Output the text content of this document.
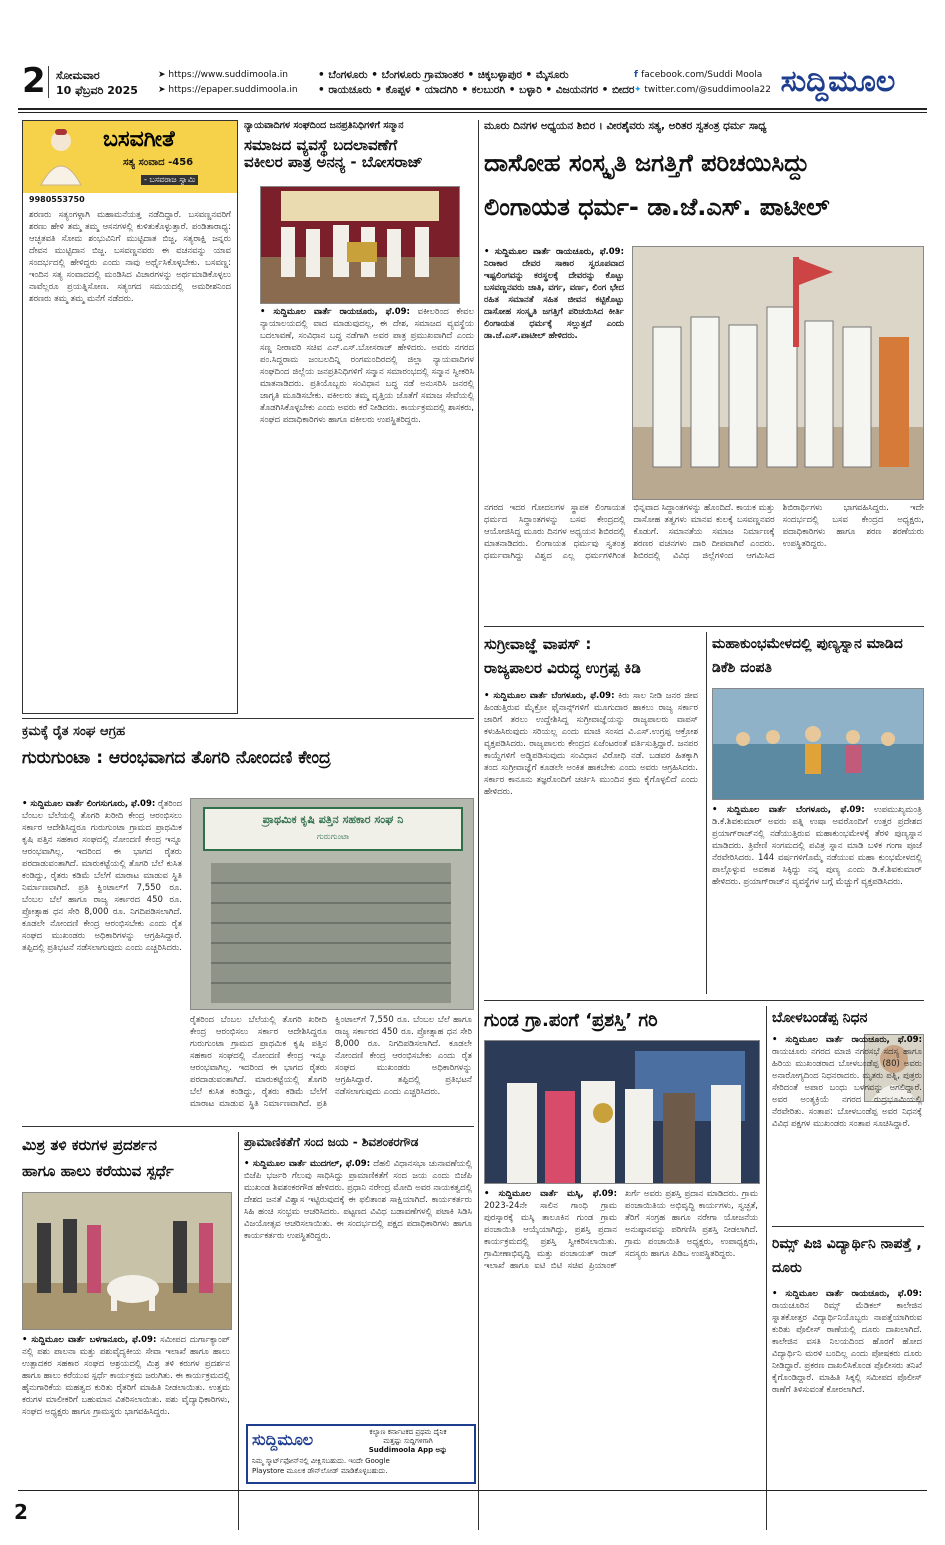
2 ಸೋಮವಾರ
10 ಫೆಬ್ರವರಿ 2025
➤ https://www.suddimoola.in
➤ https://epaper.suddimoola.in
• ಬೆಂಗಳೂರು • ಬೆಂಗಳೂರು ಗ್ರಾಮಾಂತರ • ಚಿಕ್ಕಬಳ್ಳಾಪುರ • ಮೈಸೂರು
• ರಾಯಚೂರು • ಕೊಪ್ಪಳ • ಯಾದಗಿರಿ • ಕಲಬುರಗಿ • ಬಳ್ಳಾರಿ • ವಿಜಯನಗರ • ಬೀದರ
f facebook.com/Suddi Moola
✦ twitter.com/@suddimoola22 ಸುದ್ದಿಮೂಲ
ಬಸವಗೀತೆ
ಸತ್ಯ ಸಂವಾದ -456
- ಬಸವರಾಜ ಸ್ವಾಮಿ
9980553750
ಶರಣರು ಸತ್ಯಂಗಳ್ಗಾಗಿ ಮಹಾಮನೆಯತ್ತ ನಡೆದಿದ್ದಾರೆ. ಬಸವಣ್ಣನವರಿಗೆ ಶರಣು ಹೇಳಿ ತಮ್ಮ ತಮ್ಮ ಆಸನಗಳಲ್ಲಿ ಕುಳಿತುಕೊಳ್ಳುತ್ತಾರೆ. ಪಂಡಿತಾರಾಧ್ಯ: ಆಚ್ಛತವತಿ ಸೋಮ ಶಂಭುವಿನಿಗೆ ಮುಟ್ಟಿದಾತ ಬಿಜ್ಜ, ಸತ್ಯರಾಕ್ಷಿ ಜನ್ನರು ದೇವನ ಮುಟ್ಟಿದಾನ ಬಿಜ್ಜ. ಬಸವಣ್ಣನವರು ಈ ವಚನವನ್ನು ಯಾವ ಸಂದರ್ಭದಲ್ಲಿ ಹೇಳಿದ್ದರು ಎಂದು ನಾವು ಅರ್ಥೈಸಿಕೊಳ್ಳಬೇಕು. ಬಸವಣ್ಣ: ಇಂದಿನ ಸತ್ಯ ಸಂವಾದದಲ್ಲಿ ಮಂಡಿಸಿದ ವಿಚಾರಗಳನ್ನು ಅರ್ಥಮಾಡಿಕೊಳ್ಳಲು ನಾವೆಲ್ಲರೂ ಪ್ರಯತ್ನಿಸೋಣ. ಸತ್ಯಂಗದ ಸಮಯದಲ್ಲಿ ಅಮರೀಶನಿಂದ ಶರಣರು ತಮ್ಮ ತಮ್ಮ ಮನೆಗೆ ನಡೆದರು.
ನ್ಯಾಯವಾದಿಗಳ ಸಂಘದಿಂದ ಜನಪ್ರತಿನಿಧಿಗಳಿಗೆ ಸನ್ಮಾನ
ಸಮಾಜದ ವ್ಯವಸ್ಥೆ ಬದಲಾವಣೆಗೆ
ವಕೀಲರ ಪಾತ್ರ ಅನನ್ಯ - ಬೋಸರಾಜ್
• ಸುದ್ದಿಮೂಲ ವಾರ್ತೆ ರಾಯಚೂರು, ಫೆ.09: ವಕೀಲರಿಂದ ಕೇವಲ ನ್ಯಾಯಾಲಯದಲ್ಲಿ ವಾದ ಮಾಡುವುದಲ್ಲ, ಈ ದೇಶ, ಸಮಾಜದ ವ್ಯವಸ್ಥೆಯ ಬದಲಾವಣೆ, ಸಂವಿಧಾನ ಬದ್ಧ ನಡೆಗಾಗಿ ಅವರ ಪಾತ್ರ ಪ್ರಮುಖವಾಗಿದೆ ಎಂದು ಸಣ್ಣ ನೀರಾವರಿ ಸಚಿವ ಎನ್.ಎಸ್.ಬೋಸರಾಜ್ ಹೇಳಿದರು. ಅವರು ನಗರದ ಪಂ.ಸಿದ್ದರಾಮ ಜಂಬಲದಿನ್ನಿ ರಂಗಮಂದಿರದಲ್ಲಿ ಜಿಲ್ಲಾ ನ್ಯಾಯವಾದಿಗಳ ಸಂಘದಿಂದ ಜಿಲ್ಲೆಯ ಜನಪ್ರತಿನಿಧಿಗಳಿಗೆ ಸನ್ಮಾನ ಸಮಾರಂಭದಲ್ಲಿ ಸನ್ಮಾನ ಸ್ವೀಕರಿಸಿ ಮಾತನಾಡಿದರು. ಪ್ರತಿಯೊಬ್ಬರು ಸಂವಿಧಾನ ಬದ್ಧ ನಡೆ ಅನುಸರಿಸಿ ಜನರಲ್ಲಿ ಜಾಗೃತಿ ಮೂಡಿಸಬೇಕು. ವಕೀಲರು ತಮ್ಮ ವೃತ್ತಿಯ ಜೊತೆಗೆ ಸಮಾಜ ಸೇವೆಯಲ್ಲಿ ತೊಡಗಿಸಿಕೊಳ್ಳಬೇಕು ಎಂದು ಅವರು ಕರೆ ನೀಡಿದರು. ಕಾರ್ಯಕ್ರಮದಲ್ಲಿ ಶಾಸಕರು, ಸಂಘದ ಪದಾಧಿಕಾರಿಗಳು ಹಾಗೂ ವಕೀಲರು ಉಪಸ್ಥಿತರಿದ್ದರು.
ಮೂರು ದಿನಗಳ ಅಧ್ಯಯನ ಶಿಬಿರ । ವೀರಶೈವರು ಸತ್ಯ, ಅರಿತರ ಸ್ವತಂತ್ರ ಧರ್ಮ ಸಾಧ್ಯ
ದಾಸೋಹ ಸಂಸ್ಕೃತಿ ಜಗತ್ತಿಗೆ ಪರಿಚಯಿಸಿದ್ದು
ಲಿಂಗಾಯತ ಧರ್ಮ- ಡಾ.ಜೆ.ಎಸ್. ಪಾಟೀಲ್
• ಸುದ್ದಿಮೂಲ ವಾರ್ತೆ ರಾಯಚೂರು, ಫೆ.09: ನಿರಾಕಾರ ದೇವರ ಸಾಕಾರ ಸ್ವರೂಪವಾದ ಇಷ್ಟಲಿಂಗವನ್ನು ಕರಸ್ಥಲಕ್ಕೆ ದೇವರನ್ನು ಕೊಟ್ಟು ಬಸವಣ್ಣನವರು ಜಾತಿ, ವರ್ಗ, ವರ್ಣ, ಲಿಂಗ ಭೇದ ರಹಿತ ಸಮಾನತೆ ಸಹಿತ ಜೀವನ ಕಟ್ಟಿಕೊಟ್ಟು ದಾಸೋಹ ಸಂಸ್ಕೃತಿ ಜಗತ್ತಿಗೆ ಪರಿಚಯಿಸಿದ ಕೀರ್ತಿ ಲಿಂಗಾಯತ ಧರ್ಮಕ್ಕೆ ಸಲ್ಲುತ್ತದೆ ಎಂದು ಡಾ.ಜೆ.ಎಸ್.ಪಾಟೀಲ್ ಹೇಳಿದರು.
ನಗರದ ಇದರ ಗೋದಲಗಳ ಸ್ಥಾಪಕ ಲಿಂಗಾಯತ ಧರ್ಮದ ಸಿದ್ಧಾಂತಗಳನ್ನು ಬಸವ ಕೇಂದ್ರದಲ್ಲಿ ಆಯೋಜಿಸಿದ್ದ ಮೂರು ದಿನಗಳ ಅಧ್ಯಯನ ಶಿಬಿರದಲ್ಲಿ ಮಾತನಾಡಿದರು. ಲಿಂಗಾಯತ ಧರ್ಮವು ಸ್ವತಂತ್ರ ಧರ್ಮವಾಗಿದ್ದು ವಿಶ್ವದ ಎಲ್ಲ ಧರ್ಮಗಳಿಗಿಂತ ಭಿನ್ನವಾದ ಸಿದ್ಧಾಂತಗಳನ್ನು ಹೊಂದಿದೆ. ಕಾಯಕ ಮತ್ತು ದಾಸೋಹ ತತ್ವಗಳು ಮಾನವ ಕುಲಕ್ಕೆ ಬಸವಣ್ಣನವರ ಕೊಡುಗೆ. ಸಮಾನತೆಯ ಸಮಾಜ ನಿರ್ಮಾಣಕ್ಕೆ ಶರಣರ ವಚನಗಳು ದಾರಿ ದೀಪವಾಗಿವೆ ಎಂದರು. ಶಿಬಿರದಲ್ಲಿ ವಿವಿಧ ಜಿಲ್ಲೆಗಳಿಂದ ಆಗಮಿಸಿದ ಶಿಬಿರಾರ್ಥಿಗಳು ಭಾಗವಹಿಸಿದ್ದರು. ಇದೇ ಸಂದರ್ಭದಲ್ಲಿ ಬಸವ ಕೇಂದ್ರದ ಅಧ್ಯಕ್ಷರು, ಪದಾಧಿಕಾರಿಗಳು ಹಾಗೂ ಶರಣ ಶರಣೆಯರು ಉಪಸ್ಥಿತರಿದ್ದರು.
ಸುಗ್ರೀವಾಜ್ಞೆ ವಾಪಸ್ :
ರಾಜ್ಯಪಾಲರ ವಿರುದ್ಧ ಉಗ್ರಪ್ಪ ಕಿಡಿ
• ಸುದ್ದಿಮೂಲ ವಾರ್ತೆ ಬೆಂಗಳೂರು, ಫೆ.09: ಕಿರು ಸಾಲ ನೀಡಿ ಜನರ ಜೀವ ಹಿಂಡುತ್ತಿರುವ ಮೈಕ್ರೋ ಫೈನಾನ್ಸ್‌ಗಳಿಗೆ ಮೂಗುದಾರ ಹಾಕಲು ರಾಜ್ಯ ಸರ್ಕಾರ ಜಾರಿಗೆ ತರಲು ಉದ್ದೇಶಿಸಿದ್ದ ಸುಗ್ರೀವಾಜ್ಞೆಯನ್ನು ರಾಜ್ಯಪಾಲರು ವಾಪಸ್ ಕಳುಹಿಸಿರುವುದು ಸರಿಯಲ್ಲ ಎಂದು ಮಾಜಿ ಸಂಸದ ವಿ.ಎಸ್.ಉಗ್ರಪ್ಪ ಆಕ್ರೋಶ ವ್ಯಕ್ತಪಡಿಸಿದರು. ರಾಜ್ಯಪಾಲರು ಕೇಂದ್ರದ ಏಜೆಂಟರಂತೆ ವರ್ತಿಸುತ್ತಿದ್ದಾರೆ. ಜನಪರ ಕಾಯ್ದೆಗಳಿಗೆ ಅಡ್ಡಿಪಡಿಸುವುದು ಸಂವಿಧಾನ ವಿರೋಧಿ ನಡೆ. ಬಡವರ ಹಿತಕ್ಕಾಗಿ ತಂದ ಸುಗ್ರೀವಾಜ್ಞೆಗೆ ಕೂಡಲೇ ಅಂಕಿತ ಹಾಕಬೇಕು ಎಂದು ಅವರು ಆಗ್ರಹಿಸಿದರು. ಸರ್ಕಾರ ಕಾನೂನು ತಜ್ಞರೊಂದಿಗೆ ಚರ್ಚಿಸಿ ಮುಂದಿನ ಕ್ರಮ ಕೈಗೊಳ್ಳಲಿದೆ ಎಂದು ಹೇಳಿದರು.
ಮಹಾಕುಂಭಮೇಳದಲ್ಲಿ ಪುಣ್ಯಸ್ನಾನ ಮಾಡಿದ ಡಿಕೆಶಿ ದಂಪತಿ
• ಸುದ್ದಿಮೂಲ ವಾರ್ತೆ ಬೆಂಗಳೂರು, ಫೆ.09: ಉಪಮುಖ್ಯಮಂತ್ರಿ ಡಿ.ಕೆ.ಶಿವಕುಮಾರ್ ಅವರು ಪತ್ನಿ ಉಷಾ ಅವರೊಂದಿಗೆ ಉತ್ತರ ಪ್ರದೇಶದ ಪ್ರಯಾಗ್‌ರಾಜ್‌ನಲ್ಲಿ ನಡೆಯುತ್ತಿರುವ ಮಹಾಕುಂಭಮೇಳಕ್ಕೆ ತೆರಳಿ ಪುಣ್ಯಸ್ನಾನ ಮಾಡಿದರು. ತ್ರಿವೇಣಿ ಸಂಗಮದಲ್ಲಿ ಪವಿತ್ರ ಸ್ನಾನ ಮಾಡಿ ಬಳಿಕ ಗಂಗಾ ಪೂಜೆ ನೆರವೇರಿಸಿದರು. 144 ವರ್ಷಗಳಿಗೊಮ್ಮೆ ನಡೆಯುವ ಮಹಾ ಕುಂಭಮೇಳದಲ್ಲಿ ಪಾಲ್ಗೊಳ್ಳುವ ಅವಕಾಶ ಸಿಕ್ಕಿದ್ದು ನನ್ನ ಪುಣ್ಯ ಎಂದು ಡಿ.ಕೆ.ಶಿವಕುಮಾರ್ ಹೇಳಿದರು. ಪ್ರಯಾಗ್‌ರಾಜ್‌ನ ವ್ಯವಸ್ಥೆಗಳ ಬಗ್ಗೆ ಮೆಚ್ಚುಗೆ ವ್ಯಕ್ತಪಡಿಸಿದರು.
ಕ್ರಮಕ್ಕೆ ರೈತ ಸಂಘ ಆಗ್ರಹ
ಗುರುಗುಂಟಾ : ಆರಂಭವಾಗದ ತೊಗರಿ ನೋಂದಣಿ ಕೇಂದ್ರ
• ಸುದ್ದಿಮೂಲ ವಾರ್ತೆ ಲಿಂಗಸುಗೂರು, ಫೆ.09: ರೈತರಿಂದ ಬೆಂಬಲ ಬೆಲೆಯಲ್ಲಿ ತೊಗರಿ ಖರೀದಿ ಕೇಂದ್ರ ಆರಂಭಿಸಲು ಸರ್ಕಾರ ಆದೇಶಿಸಿದ್ದರೂ ಗುರುಗುಂಟಾ ಗ್ರಾಮದ ಪ್ರಾಥಮಿಕ ಕೃಷಿ ಪತ್ತಿನ ಸಹಕಾರ ಸಂಘದಲ್ಲಿ ನೋಂದಣಿ ಕೇಂದ್ರ ಇನ್ನೂ ಆರಂಭವಾಗಿಲ್ಲ. ಇದರಿಂದ ಈ ಭಾಗದ ರೈತರು ಪರದಾಡುವಂತಾಗಿದೆ. ಮಾರುಕಟ್ಟೆಯಲ್ಲಿ ತೊಗರಿ ಬೆಲೆ ಕುಸಿತ ಕಂಡಿದ್ದು, ರೈತರು ಕಡಿಮೆ ಬೆಲೆಗೆ ಮಾರಾಟ ಮಾಡುವ ಸ್ಥಿತಿ ನಿರ್ಮಾಣವಾಗಿದೆ. ಪ್ರತಿ ಕ್ವಿಂಟಾಲ್‌ಗೆ 7,550 ರೂ. ಬೆಂಬಲ ಬೆಲೆ ಹಾಗೂ ರಾಜ್ಯ ಸರ್ಕಾರದ 450 ರೂ. ಪ್ರೋತ್ಸಾಹ ಧನ ಸೇರಿ 8,000 ರೂ. ನಿಗದಿಪಡಿಸಲಾಗಿದೆ. ಕೂಡಲೇ ನೋಂದಣಿ ಕೇಂದ್ರ ಆರಂಭಿಸಬೇಕು ಎಂದು ರೈತ ಸಂಘದ ಮುಖಂಡರು ಅಧಿಕಾರಿಗಳನ್ನು ಆಗ್ರಹಿಸಿದ್ದಾರೆ. ತಪ್ಪಿದಲ್ಲಿ ಪ್ರತಿಭಟನೆ ನಡೆಸಲಾಗುವುದು ಎಂದು ಎಚ್ಚರಿಸಿದರು.
ಪ್ರಾಥಮಿಕ ಕೃಷಿ ಪತ್ತಿನ ಸಹಕಾರ ಸಂಘ ನಿ
ಗುರುಗುಂಟಾ
ರೈತರಿಂದ ಬೆಂಬಲ ಬೆಲೆಯಲ್ಲಿ ತೊಗರಿ ಖರೀದಿ ಕೇಂದ್ರ ಆರಂಭಿಸಲು ಸರ್ಕಾರ ಆದೇಶಿಸಿದ್ದರೂ ಗುರುಗುಂಟಾ ಗ್ರಾಮದ ಪ್ರಾಥಮಿಕ ಕೃಷಿ ಪತ್ತಿನ ಸಹಕಾರ ಸಂಘದಲ್ಲಿ ನೋಂದಣಿ ಕೇಂದ್ರ ಇನ್ನೂ ಆರಂಭವಾಗಿಲ್ಲ. ಇದರಿಂದ ಈ ಭಾಗದ ರೈತರು ಪರದಾಡುವಂತಾಗಿದೆ. ಮಾರುಕಟ್ಟೆಯಲ್ಲಿ ತೊಗರಿ ಬೆಲೆ ಕುಸಿತ ಕಂಡಿದ್ದು, ರೈತರು ಕಡಿಮೆ ಬೆಲೆಗೆ ಮಾರಾಟ ಮಾಡುವ ಸ್ಥಿತಿ ನಿರ್ಮಾಣವಾಗಿದೆ. ಪ್ರತಿ ಕ್ವಿಂಟಾಲ್‌ಗೆ 7,550 ರೂ. ಬೆಂಬಲ ಬೆಲೆ ಹಾಗೂ ರಾಜ್ಯ ಸರ್ಕಾರದ 450 ರೂ. ಪ್ರೋತ್ಸಾಹ ಧನ ಸೇರಿ 8,000 ರೂ. ನಿಗದಿಪಡಿಸಲಾಗಿದೆ. ಕೂಡಲೇ ನೋಂದಣಿ ಕೇಂದ್ರ ಆರಂಭಿಸಬೇಕು ಎಂದು ರೈತ ಸಂಘದ ಮುಖಂಡರು ಅಧಿಕಾರಿಗಳನ್ನು ಆಗ್ರಹಿಸಿದ್ದಾರೆ. ತಪ್ಪಿದಲ್ಲಿ ಪ್ರತಿಭಟನೆ ನಡೆಸಲಾಗುವುದು ಎಂದು ಎಚ್ಚರಿಸಿದರು.
ಗುಂಡ ಗ್ರಾ.ಪಂಗೆ ‘ಪ್ರಶಸ್ತಿ’ ಗರಿ
• ಸುದ್ದಿಮೂಲ ವಾರ್ತೆ ಮಸ್ಕಿ, ಫೆ.09: 2023-24ನೇ ಸಾಲಿನ ಗಾಂಧಿ ಗ್ರಾಮ ಪುರಸ್ಕಾರಕ್ಕೆ ಮಸ್ಕಿ ತಾಲೂಕಿನ ಗುಂಡ ಗ್ರಾಮ ಪಂಚಾಯಿತಿ ಆಯ್ಕೆಯಾಗಿದ್ದು, ಪ್ರಶಸ್ತಿ ಪ್ರದಾನ ಕಾರ್ಯಕ್ರಮದಲ್ಲಿ ಪ್ರಶಸ್ತಿ ಸ್ವೀಕರಿಸಲಾಯಿತು. ಗ್ರಾಮೀಣಾಭಿವೃದ್ಧಿ ಮತ್ತು ಪಂಚಾಯತ್ ರಾಜ್ ಇಲಾಖೆ ಹಾಗೂ ಐಟಿ ಬಿಟಿ ಸಚಿವ ಪ್ರಿಯಾಂಕ್ ಖರ್ಗೆ ಅವರು ಪ್ರಶಸ್ತಿ ಪ್ರದಾನ ಮಾಡಿದರು. ಗ್ರಾಮ ಪಂಚಾಯಿತಿಯ ಅಭಿವೃದ್ಧಿ ಕಾರ್ಯಗಳು, ಸ್ವಚ್ಛತೆ, ತೆರಿಗೆ ಸಂಗ್ರಹ ಹಾಗೂ ನರೇಗಾ ಯೋಜನೆಯ ಅನುಷ್ಠಾನವನ್ನು ಪರಿಗಣಿಸಿ ಪ್ರಶಸ್ತಿ ನೀಡಲಾಗಿದೆ. ಗ್ರಾಮ ಪಂಚಾಯಿತಿ ಅಧ್ಯಕ್ಷರು, ಉಪಾಧ್ಯಕ್ಷರು, ಸದಸ್ಯರು ಹಾಗೂ ಪಿಡಿಒ ಉಪಸ್ಥಿತರಿದ್ದರು.
ಬೋಳಬಂಡೆಪ್ಪ ನಿಧನ
• ಸುದ್ದಿಮೂಲ ವಾರ್ತೆ ರಾಯಚೂರು, ಫೆ.09: ರಾಯಚೂರು ನಗರದ ಮಾಜಿ ನಗರಸಭೆ ಸದಸ್ಯ ಹಾಗೂ ಹಿರಿಯ ಮುಖಂಡರಾದ ಬೋಳಬಂಡೆಪ್ಪ (80) ಅವರು ಅನಾರೋಗ್ಯದಿಂದ ನಿಧನರಾದರು. ಮೃತರು ಪತ್ನಿ, ಪುತ್ರರು ಸೇರಿದಂತೆ ಅಪಾರ ಬಂಧು ಬಳಗವನ್ನು ಅಗಲಿದ್ದಾರೆ. ಅವರ ಅಂತ್ಯಕ್ರಿಯೆ ನಗರದ ರುದ್ರಭೂಮಿಯಲ್ಲಿ ನೆರವೇರಿತು. ಸಂತಾಪ: ಬೋಳಬಂಡೆಪ್ಪ ಅವರ ನಿಧನಕ್ಕೆ ವಿವಿಧ ಪಕ್ಷಗಳ ಮುಖಂಡರು ಸಂತಾಪ ಸೂಚಿಸಿದ್ದಾರೆ.
ರಿಮ್ಸ್ ಪಿಜಿ ವಿದ್ಯಾರ್ಥಿನಿ ನಾಪತ್ತೆ , ದೂರು
• ಸುದ್ದಿಮೂಲ ವಾರ್ತೆ ರಾಯಚೂರು, ಫೆ.09: ರಾಯಚೂರಿನ ರಿಮ್ಸ್ ಮೆಡಿಕಲ್ ಕಾಲೇಜಿನ ಸ್ನಾತಕೋತ್ತರ ವಿದ್ಯಾರ್ಥಿನಿಯೊಬ್ಬರು ನಾಪತ್ತೆಯಾಗಿರುವ ಕುರಿತು ಪೊಲೀಸ್ ಠಾಣೆಯಲ್ಲಿ ದೂರು ದಾಖಲಾಗಿದೆ. ಕಾಲೇಜಿನ ವಸತಿ ನಿಲಯದಿಂದ ಹೊರಗೆ ಹೋದ ವಿದ್ಯಾರ್ಥಿನಿ ಮರಳಿ ಬಂದಿಲ್ಲ ಎಂದು ಪೋಷಕರು ದೂರು ನೀಡಿದ್ದಾರೆ. ಪ್ರಕರಣ ದಾಖಲಿಸಿಕೊಂಡ ಪೊಲೀಸರು ತನಿಖೆ ಕೈಗೊಂಡಿದ್ದಾರೆ. ಮಾಹಿತಿ ಸಿಕ್ಕಲ್ಲಿ ಸಮೀಪದ ಪೊಲೀಸ್ ಠಾಣೆಗೆ ತಿಳಿಸುವಂತೆ ಕೋರಲಾಗಿದೆ.
ಮಿಶ್ರ ತಳಿ ಕರುಗಳ ಪ್ರದರ್ಶನ
ಹಾಗೂ ಹಾಲು ಕರೆಯುವ ಸ್ಪರ್ಧೆ
• ಸುದ್ದಿಮೂಲ ವಾರ್ತೆ ಬಳಗಾನೂರು, ಫೆ.09: ಸಮೀಪದ ದುರ್ಗಾಕ್ಯಾಂಪ್ ನಲ್ಲಿ ಪಶು ಪಾಲನಾ ಮತ್ತು ಪಶುವೈದ್ಯಕೀಯ ಸೇವಾ ಇಲಾಖೆ ಹಾಗೂ ಹಾಲು ಉತ್ಪಾದಕರ ಸಹಕಾರ ಸಂಘದ ಆಶ್ರಯದಲ್ಲಿ ಮಿಶ್ರ ತಳಿ ಕರುಗಳ ಪ್ರದರ್ಶನ ಹಾಗೂ ಹಾಲು ಕರೆಯುವ ಸ್ಪರ್ಧೆ ಕಾರ್ಯಕ್ರಮ ಜರುಗಿತು. ಈ ಕಾರ್ಯಕ್ರಮದಲ್ಲಿ ಹೈನುಗಾರಿಕೆಯ ಮಹತ್ವದ ಕುರಿತು ರೈತರಿಗೆ ಮಾಹಿತಿ ನೀಡಲಾಯಿತು. ಉತ್ತಮ ಕರುಗಳ ಮಾಲೀಕರಿಗೆ ಬಹುಮಾನ ವಿತರಿಸಲಾಯಿತು. ಪಶು ವೈದ್ಯಾಧಿಕಾರಿಗಳು, ಸಂಘದ ಅಧ್ಯಕ್ಷರು ಹಾಗೂ ಗ್ರಾಮಸ್ಥರು ಭಾಗವಹಿಸಿದ್ದರು.
ಪ್ರಾಮಾಣಿಕತೆಗೆ ಸಂದ ಜಯ - ಶಿವಶಂಕರಗೌಡ
• ಸುದ್ದಿಮೂಲ ವಾರ್ತೆ ಮುದಗಲ್, ಫೆ.09: ದೆಹಲಿ ವಿಧಾನಸಭಾ ಚುನಾವಣೆಯಲ್ಲಿ ಬಿಜೆಪಿ ಭರ್ಜರಿ ಗೆಲುವು ಸಾಧಿಸಿದ್ದು ಪ್ರಾಮಾಣಿಕತೆಗೆ ಸಂದ ಜಯ ಎಂದು ಬಿಜೆಪಿ ಮುಖಂಡ ಶಿವಶಂಕರಗೌಡ ಹೇಳಿದರು. ಪ್ರಧಾನಿ ನರೇಂದ್ರ ಮೋದಿ ಅವರ ನಾಯಕತ್ವದಲ್ಲಿ ದೇಶದ ಜನತೆ ವಿಶ್ವಾಸ ಇಟ್ಟಿರುವುದಕ್ಕೆ ಈ ಫಲಿತಾಂಶ ಸಾಕ್ಷಿಯಾಗಿದೆ. ಕಾರ್ಯಕರ್ತರು ಸಿಹಿ ಹಂಚಿ ಸಂಭ್ರಮ ಆಚರಿಸಿದರು. ಪಟ್ಟಣದ ವಿವಿಧ ಬಡಾವಣೆಗಳಲ್ಲಿ ಪಟಾಕಿ ಸಿಡಿಸಿ ವಿಜಯೋತ್ಸವ ಆಚರಿಸಲಾಯಿತು. ಈ ಸಂದರ್ಭದಲ್ಲಿ ಪಕ್ಷದ ಪದಾಧಿಕಾರಿಗಳು ಹಾಗೂ ಕಾರ್ಯಕರ್ತರು ಉಪಸ್ಥಿತರಿದ್ದರು.
ಸುದ್ದಿಮೂಲ	ಕಲ್ಯಾಣ ಕರ್ನಾಟಕದ ಪ್ರಥಮ ದೈನಿಕ
ಮತ್ತಷ್ಟು ಸುದ್ದಿಗಳಿಗಾಗಿ
Suddimoola App ಅನ್ನು
ನಿಮ್ಮ ಸ್ಮಾರ್ಟ್‌ಫೋನ್‌ನಲ್ಲಿ ವೀಕ್ಷಿಸಬಹುದು. ಇಂದೇ Google
Playstore ಮೂಲಕ ಡೌನ್‌ಲೋಡ್ ಮಾಡಿಕೊಳ್ಳಬಹುದು.
2
